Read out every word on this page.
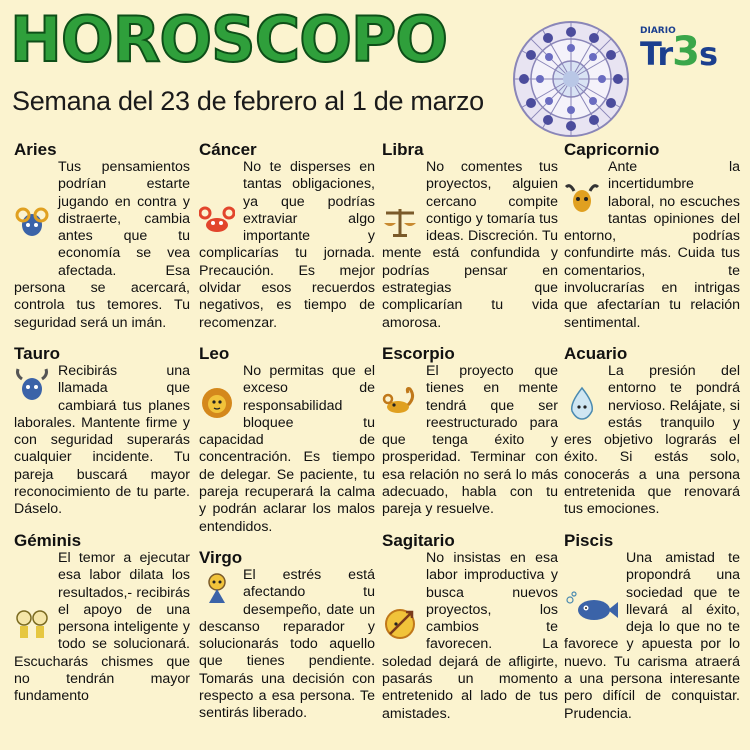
HOROSCOPO
Semana del 23 de febrero al 1 de marzo
DIARIO
Tr3s
Aries
Tus pensamientos podrían estarte jugando en contra y distraerte, cambia antes que tu economía se vea afectada. Esa persona se acercará, controla tus temores. Tu seguridad será un imán.
Cáncer
No te disperses en tantas obligaciones, ya que podrías extraviar algo importante y complicarías tu jornada. Precaución. Es mejor olvidar esos recuerdos negativos, es tiempo de recomenzar.
Libra
No comentes tus proyectos, alguien cercano compite contigo y tomaría tus ideas. Discreción. Tu mente está confundida y podrías pensar en estrategias que complicarían tu vida amorosa.
Capricornio
Ante la incertidumbre laboral, no escuches tantas opiniones del entorno, podrías confundirte más. Cuida tus comentarios, te involucrarías en intrigas que afectarían tu relación sentimental.
Tauro
Recibirás una llamada que cambiará tus planes laborales. Mantente firme y con seguridad superarás cualquier incidente. Tu pareja buscará mayor reconocimiento de tu parte. Dáselo.
Leo
No permitas que el exceso de responsabilidad bloquee tu capacidad de concentración. Es tiempo de delegar. Se paciente, tu pareja recuperará la calma y podrán aclarar los malos entendidos.
Escorpio
El proyecto que tienes en mente tendrá que ser reestructurado para que tenga éxito y prosperidad. Terminar con esa relación no será lo más adecuado, habla con tu pareja y resuelve.
Acuario
La presión del entorno te pondrá nervioso. Relájate, si estás tranquilo y eres objetivo lograrás el éxito. Si estás solo, conocerás a una persona entretenida que renovará tus emociones.
Géminis
El temor a ejecutar esa labor dilata los resultados,- recibirás el apoyo de una persona inteligente y todo se solucionará. Escucharás chismes que no tendrán mayor fundamento
Virgo
El estrés está afectando tu desempeño, date un descanso reparador y solucionarás todo aquello que tienes pendiente. Tomarás una decisión con respecto a esa persona. Te sentirás liberado.
Sagitario
No insistas en esa labor improductiva y busca nuevos proyectos, los cambios te favorecen. La soledad dejará de afligirte, pasarás un momento entretenido al lado de tus amistades.
Piscis
Una amistad te propondrá una sociedad que te llevará al éxito, deja lo que no te favorece y apuesta por lo nuevo. Tu carisma atraerá a una persona interesante pero difícil de conquistar. Prudencia.
